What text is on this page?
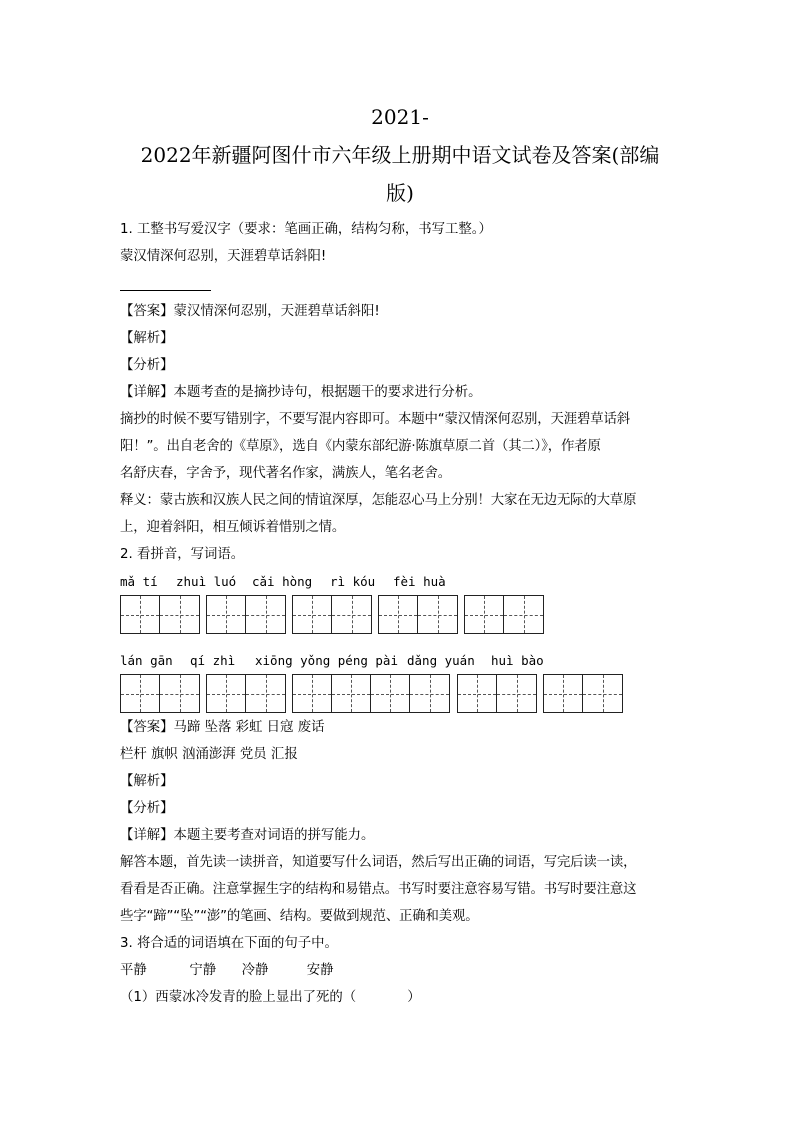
2021-
2022年新疆阿图什市六年级上册期中语文试卷及答案(部编
版)
1. 工整书写爱汉字（要求：笔画正确，结构匀称，书写工整。）
蒙汉情深何忍别，天涯碧草话斜阳!
【答案】蒙汉情深何忍别，天涯碧草话斜阳!
【解析】
【分析】
【详解】本题考查的是摘抄诗句，根据题干的要求进行分析。
摘抄的时候不要写错别字，不要写混内容即可。本题中“蒙汉情深何忍别，天涯碧草话斜
阳！”。出自老舍的《草原》，选自《内蒙东部纪游·陈旗草原二首（其二）》，作者原
名舒庆春，字舍予，现代著名作家，满族人，笔名老舍。
释义：蒙古族和汉族人民之间的情谊深厚，怎能忍心马上分别！大家在无边无际的大草原
上，迎着斜阳，相互倾诉着惜别之情。
2. 看拼音，写词语。
mǎ tí zhuì luó cǎi hòng rì kóu fèi huà
lán gān qí zhì xiōng yǒng péng pài dǎng yuán huì bào
【答案】马蹄 坠落 彩虹 日寇 废话
栏杆 旗帜 汹涌澎湃 党员 汇报
【解析】
【分析】
【详解】本题主要考查对词语的拼写能力。
解答本题，首先读一读拼音，知道要写什么词语，然后写出正确的词语，写完后读一读，
看看是否正确。注意掌握生字的结构和易错点。书写时要注意容易写错。书写时要注意这
些字“蹄”“坠”“澎”的笔画、结构。要做到规范、正确和美观。
3. 将合适的词语填在下面的句子中。
平静          宁静      冷静         安静
（1）西蒙冰冷发青的脸上显出了死的（            ）
